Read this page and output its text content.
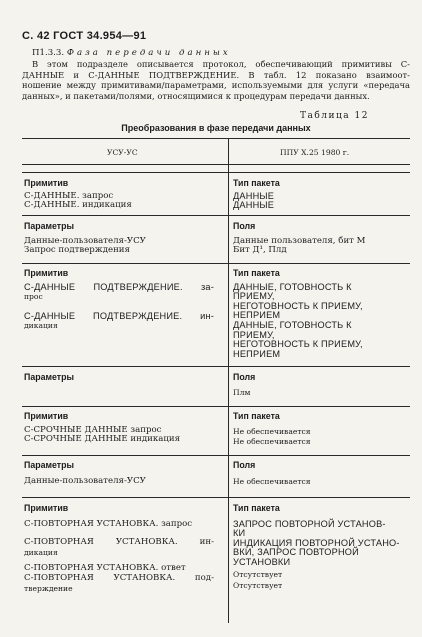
С. 42 ГОСТ 34.954—91
П1.3.3. Фаза передачи данных
В этом подразделе описывается протокол, обеспечивающий примитивы С-
ДАННЫЕ и С-ДАННЫЕ ПОДТВЕРЖДЕНИЕ. В табл. 12 показано взаимоот-
ношение между примитивами/параметрами, используемыми для услуги «передача
данных», и пакетами/полями, относящимися к процедурам передачи данных.
Таблица 12
Преобразования в фазе передачи данных
УСУ-УС	ППУ Х.25 1980 г.
Примитив
С-ДАННЫЕ. запрос
С-ДАННЫЕ. индикация
Тип пакета
ДАННЫЕ
ДАННЫЕ
Параметры
Данные-пользователя-УСУ
Запрос подтверждения
Поля
Данные пользователя, бит М
Бит Д¹, Плд
Примитив
С-ДАННЫЕ ПОДТВЕРЖДЕНИЕ. за-
прос
С-ДАННЫЕ ПОДТВЕРЖДЕНИЕ. ин-
дикация
Тип пакета
ДАННЫЕ, ГОТОВНОСТЬ К
ПРИЕМУ,
НЕГОТОВНОСТЬ К ПРИЕМУ,
НЕПРИЕМ
ДАННЫЕ, ГОТОВНОСТЬ К
ПРИЕМУ,
НЕГОТОВНОСТЬ К ПРИЕМУ,
НЕПРИЕМ
Параметры	Поля
Плм
Примитив
С-СРОЧНЫЕ ДАННЫЕ запрос
С-СРОЧНЫЕ ДАННЫЕ индикация
Тип пакета
Не обеспечивается
Не обеспечивается
Параметры
Данные-пользователя-УСУ
Поля
Не обеспечивается
Примитив
С-ПОВТОРНАЯ УСТАНОВКА. запрос
С-ПОВТОРНАЯ УСТАНОВКА. ин-
дикация
С-ПОВТОРНАЯ УСТАНОВКА. ответ
С-ПОВТОРНАЯ УСТАНОВКА. под-
тверждение
Тип пакета
ЗАПРОС ПОВТОРНОЙ УСТАНОВ-
КИ
ИНДИКАЦИЯ ПОВТОРНОЙ УСТАНО-
ВКИ, ЗАПРОС ПОВТОРНОЙ
УСТАНОВКИ
Отсутствует
Отсутствует
